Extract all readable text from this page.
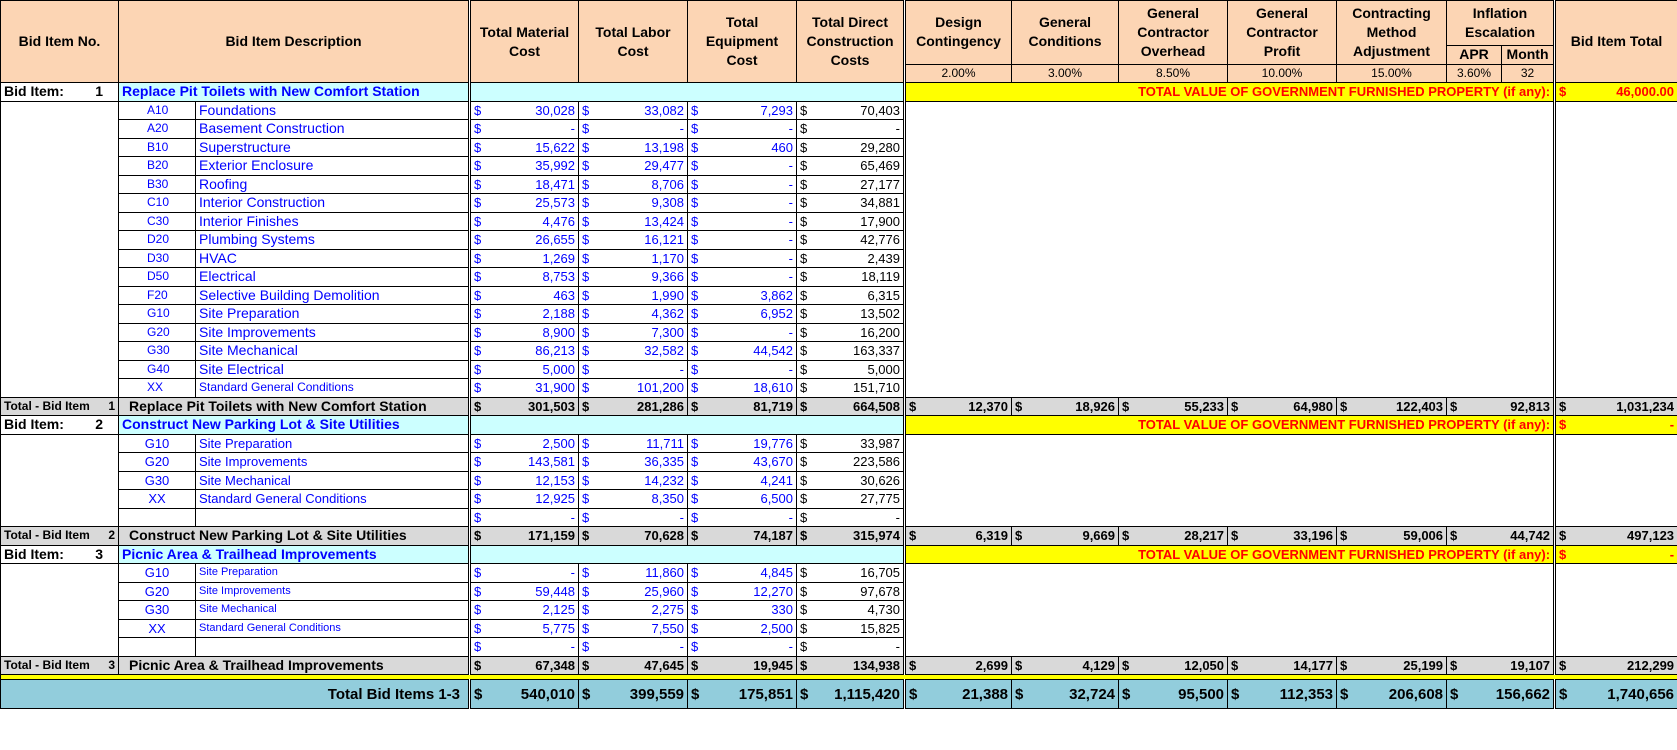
Bid Item No.	Bid Item Description		Total Material Cost	Total Labor Cost	Total Equipment Cost	Total Direct Construction Costs	Design Contingency	General Conditions	General Contractor Overhead	General Contractor Profit	Contracting Method Adjustment	Inflation Escalation		Bid Item Total
												APR	Month	
							2.00%	3.00%	8.50%	10.00%	15.00%	3.60%	32	

Bid Item: 1	Replace Pit Toilets with New Comfort Station						TOTAL VALUE OF GOVERNMENT FURNISHED PROPERTY (if any):							$ 46,000.00

	A10	Foundations	$ 30,028	$ 33,082	$ 7,293	$ 70,403								

	A20	Basement Construction	$ -	$ -	$ -	$ -								

	B10	Superstructure	$ 15,622	$ 13,198	$ 460	$ 29,280								

	B20	Exterior Enclosure	$ 35,992	$ 29,477	$ -	$ 65,469								

	B30	Roofing	$ 18,471	$ 8,706	$ -	$ 27,177								

	C10	Interior Construction	$ 25,573	$ 9,308	$ -	$ 34,881								

	C30	Interior Finishes	$ 4,476	$ 13,424	$ -	$ 17,900								

	D20	Plumbing Systems	$ 26,655	$ 16,121	$ -	$ 42,776								

	D30	HVAC	$ 1,269	$ 1,170	$ -	$ 2,439								

	D50	Electrical	$ 8,753	$ 9,366	$ -	$ 18,119								

	F20	Selective Building Demolition	$ 463	$ 1,990	$ 3,862	$ 6,315								

	G10	Site Preparation	$ 2,188	$ 4,362	$ 6,952	$ 13,502								

	G20	Site Improvements	$ 8,900	$ 7,300	$ -	$ 16,200								

	G30	Site Mechanical	$ 86,213	$ 32,582	$ 44,542	$ 163,337								

	G40	Site Electrical	$ 5,000	$ -	$ -	$ 5,000								

	XX	Standard General Conditions	$ 31,900	$ 101,200	$ 18,610	$ 151,710								

Total - Bid Item 1	Replace Pit Toilets with New Comfort Station		$ 301,503	$ 281,286	$ 81,719	$ 664,508	$ 12,370	$ 18,926	$ 55,233	$ 64,980	$ 122,403	$ 92,813		$ 1,031,234

Bid Item: 2	Construct New Parking Lot & Site Utilities						TOTAL VALUE OF GOVERNMENT FURNISHED PROPERTY (if any):							$ -

	G10	Site Preparation	$ 2,500	$ 11,711	$ 19,776	$ 33,987								

	G20	Site Improvements	$ 143,581	$ 36,335	$ 43,670	$ 223,586								

	G30	Site Mechanical	$ 12,153	$ 14,232	$ 4,241	$ 30,626								

	XX	Standard General Conditions	$ 12,925	$ 8,350	$ 6,500	$ 27,775								

			$ -	$ -	$ -	$ -								

Total - Bid Item 2	Construct New Parking Lot & Site Utilities		$ 171,159	$ 70,628	$ 74,187	$ 315,974	$ 6,319	$ 9,669	$ 28,217	$ 33,196	$ 59,006	$ 44,742		$ 497,123

Bid Item: 3	Picnic Area & Trailhead Improvements						TOTAL VALUE OF GOVERNMENT FURNISHED PROPERTY (if any):							$ -

	G10	Site Preparation	$ -	$ 11,860	$ 4,845	$ 16,705								

	G20	Site Improvements	$ 59,448	$ 25,960	$ 12,270	$ 97,678								

	G30	Site Mechanical	$ 2,125	$ 2,275	$ 330	$ 4,730								

	XX	Standard General Conditions	$ 5,775	$ 7,550	$ 2,500	$ 15,825								

			$ -	$ -	$ -	$ -								

Total - Bid Item 3	Picnic Area & Trailhead Improvements		$ 67,348	$ 47,645	$ 19,945	$ 134,938	$ 2,699	$ 4,129	$ 12,050	$ 14,177	$ 25,199	$ 19,107		$ 212,299

Total Bid Items 1-3			$ 540,010	$ 399,559	$ 175,851	$ 1,115,420	$ 21,388	$ 32,724	$ 95,500	$ 112,353	$ 206,608	$ 156,662		$ 1,740,656
